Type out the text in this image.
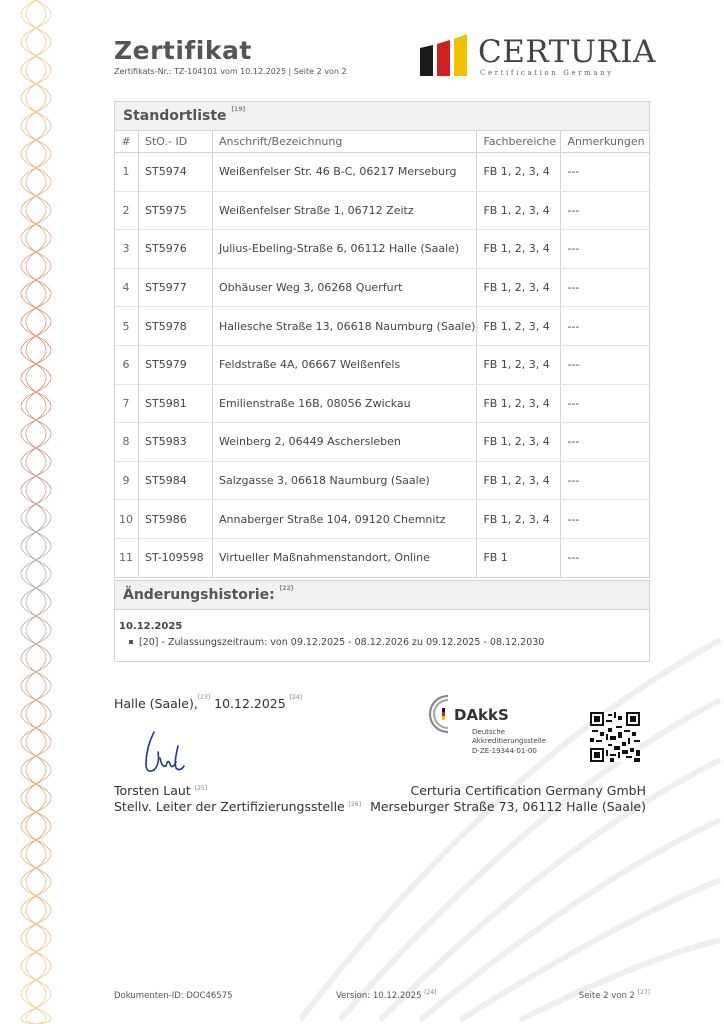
Zertifikat
Zertifikats-Nr.: TZ-104101 vom 10.12.2025 | Seite 2 von 2
CERTURIA
Certification Germany
Standortliste [19]
#	StO.- ID	Anschrift/Bezeichnung	Fachbereiche	Anmerkungen
1	ST5974	Weißenfelser Str. 46 B-C, 06217 Merseburg	FB 1, 2, 3, 4	---
2	ST5975	Weißenfelser Straße 1, 06712 Zeitz	FB 1, 2, 3, 4	---
3	ST5976	Julius-Ebeling-Straße 6, 06112 Halle (Saale)	FB 1, 2, 3, 4	---
4	ST5977	Obhäuser Weg 3, 06268 Querfurt	FB 1, 2, 3, 4	---
5	ST5978	Hallesche Straße 13, 06618 Naumburg (Saale)	FB 1, 2, 3, 4	---
6	ST5979	Feldstraße 4A, 06667 Weißenfels	FB 1, 2, 3, 4	---
7	ST5981	Emilienstraße 16B, 08056 Zwickau	FB 1, 2, 3, 4	---
8	ST5983	Weinberg 2, 06449 Aschersleben	FB 1, 2, 3, 4	---
9	ST5984	Salzgasse 3, 06618 Naumburg (Saale)	FB 1, 2, 3, 4	---
10	ST5986	Annaberger Straße 104, 09120 Chemnitz	FB 1, 2, 3, 4	---
11	ST-109598	Virtueller Maßnahmenstandort, Online	FB 1	---
Änderungshistorie: [22]
10.12.2025
[20] - Zulassungszeitraum: von 09.12.2025 - 08.12.2026 zu 09.12.2025 - 08.12.2030
Halle (Saale),[23] 10.12.2025 [24]
Torsten Laut [25]
Stellv. Leiter der Zertifizierungsstelle [26]
DAkkS
Deutsche
Akkreditierungsstelle
D-ZE-19344-01-00
Certuria Certification Germany GmbH
Merseburger Straße 73, 06112 Halle (Saale)
Dokumenten-ID: DOC46575	Version: 10.12.2025 [24]	Seite 2 von 2 [27]
